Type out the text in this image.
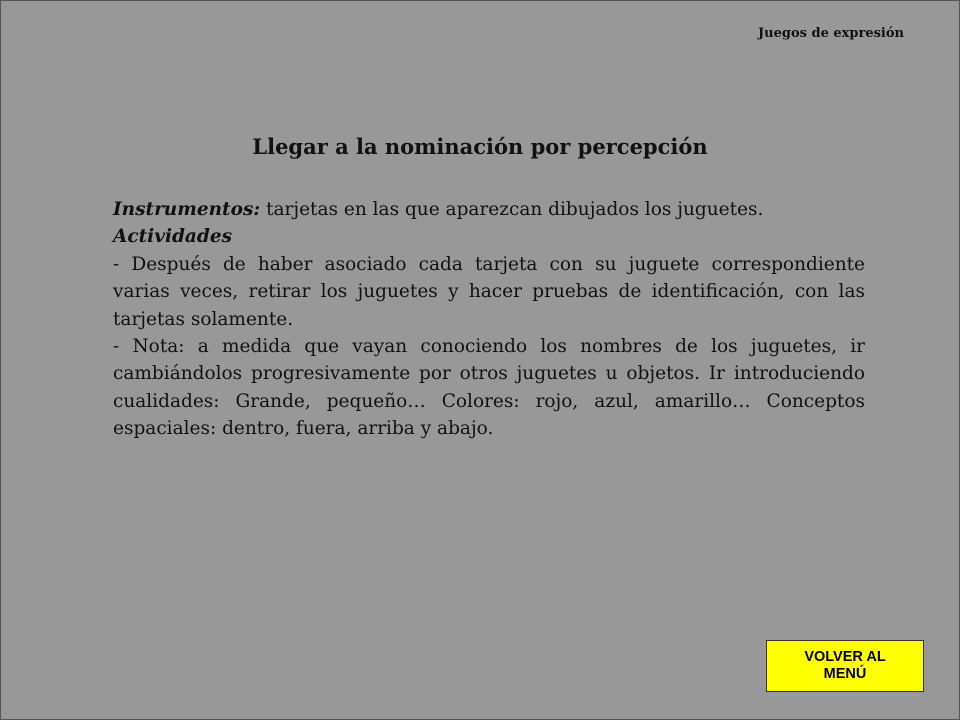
Juegos de expresión
Llegar a la nominación por percepción

Instrumentos: tarjetas en las que aparezcan dibujados los juguetes.

Actividades

- Después de haber asociado cada tarjeta con su juguete correspondiente varias veces, retirar los juguetes y hacer pruebas de identificación, con las tarjetas solamente.

- Nota: a medida que vayan conociendo los nombres de los juguetes, ir cambiándolos progresivamente por otros juguetes u objetos. Ir introduciendo cualidades: Grande, pequeño… Colores: rojo, azul, amarillo… Conceptos espaciales: dentro, fuera, arriba y abajo.

VOLVER AL MENÚ
